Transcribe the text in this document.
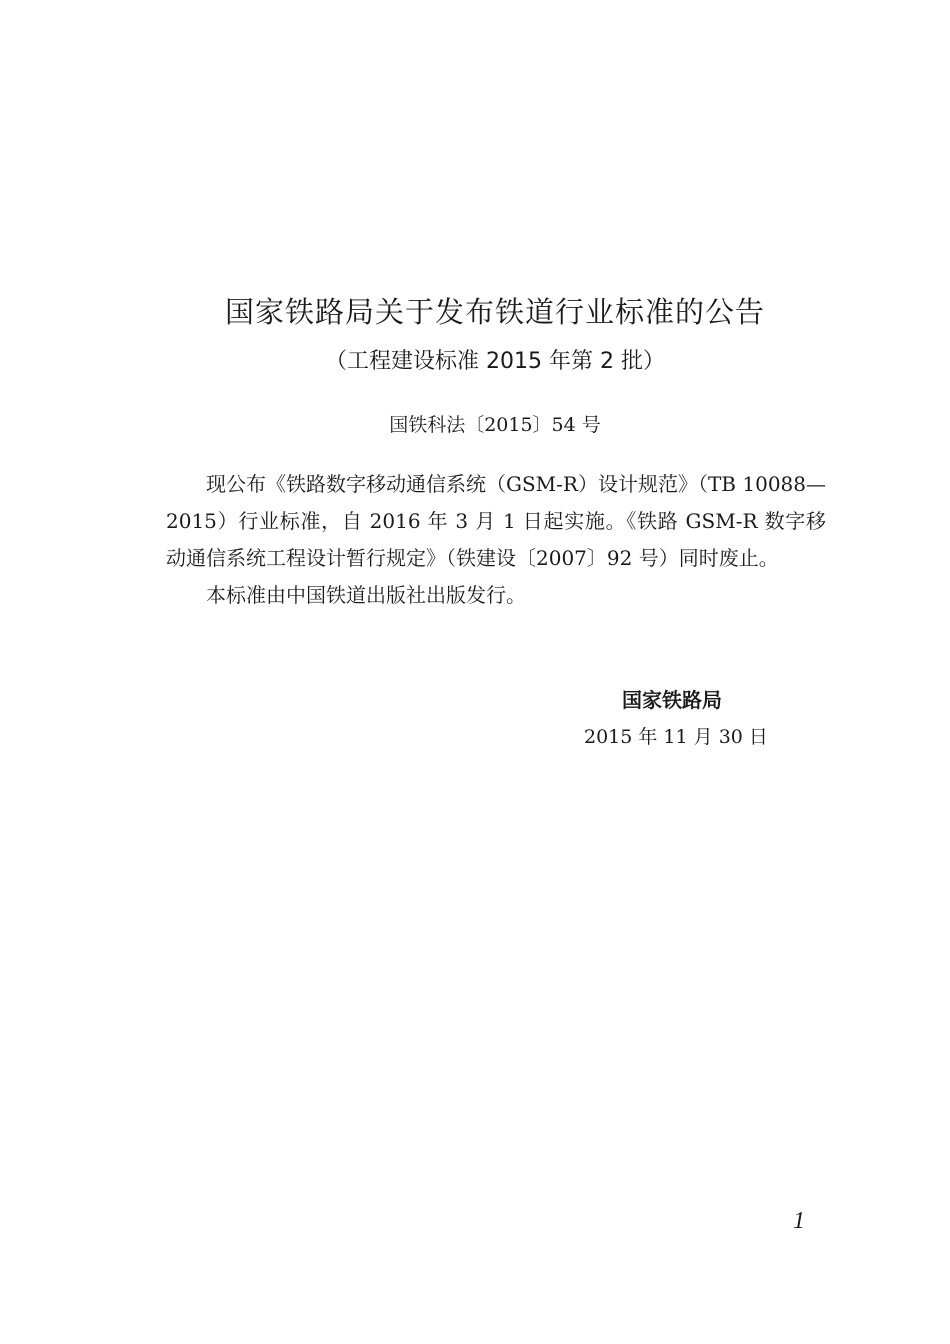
国家铁路局关于发布铁道行业标准的公告
（工程建设标准 2015 年第 2 批）
国铁科法〔2015〕54 号

现公布《铁路数字移动通信系统（GSM-R）设计规范》（TB 10088—2015）行业标准，自 2016 年 3 月 1 日起实施。《铁路 GSM-R 数字移动通信系统工程设计暂行规定》（铁建设〔2007〕92 号）同时废止。

本标准由中国铁道出版社出版发行。

国家铁路局
2015 年 11 月 30 日
1
